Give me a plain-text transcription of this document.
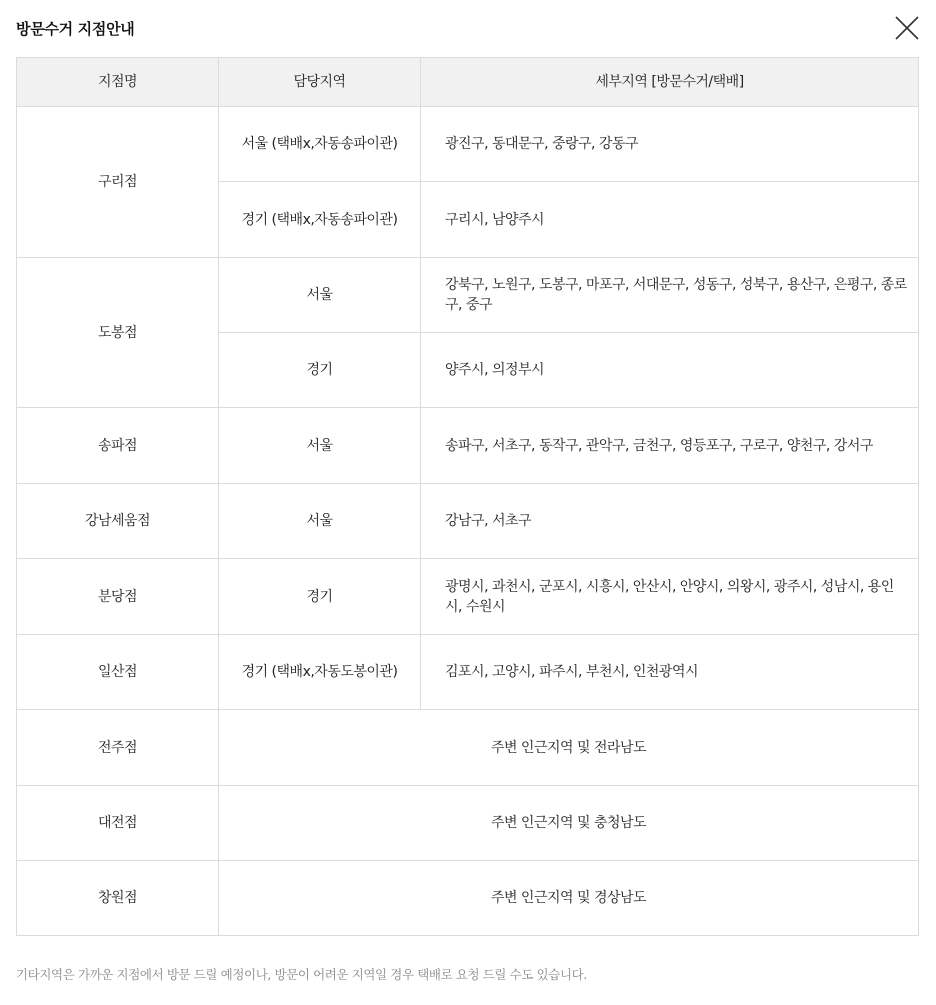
방문수거 지점안내
지점명	담당지역	세부지역 [방문수거/택배]
구리점	서울 (택배x,자동송파이관)	광진구, 동대문구, 중랑구, 강동구
	경기 (택배x,자동송파이관)	구리시, 남양주시
도봉점	서울	강북구, 노원구, 도봉구, 마포구, 서대문구, 성동구, 성북구, 용산구, 은평구, 종로구, 중구
	경기	양주시, 의정부시
송파점	서울	송파구, 서초구, 동작구, 관악구, 금천구, 영등포구, 구로구, 양천구, 강서구
강남세움점	서울	강남구, 서초구
분당점	경기	광명시, 과천시, 군포시, 시흥시, 안산시, 안양시, 의왕시, 광주시, 성남시, 용인시, 수원시
일산점	경기 (택배x,자동도봉이관)	김포시, 고양시, 파주시, 부천시, 인천광역시
전주점	주변 인근지역 및 전라남도	
대전점	주변 인근지역 및 충청남도	
창원점	주변 인근지역 및 경상남도	
기타지역은 가까운 지점에서 방문 드릴 예정이나, 방문이 어려운 지역일 경우 택배로 요청 드릴 수도 있습니다.
